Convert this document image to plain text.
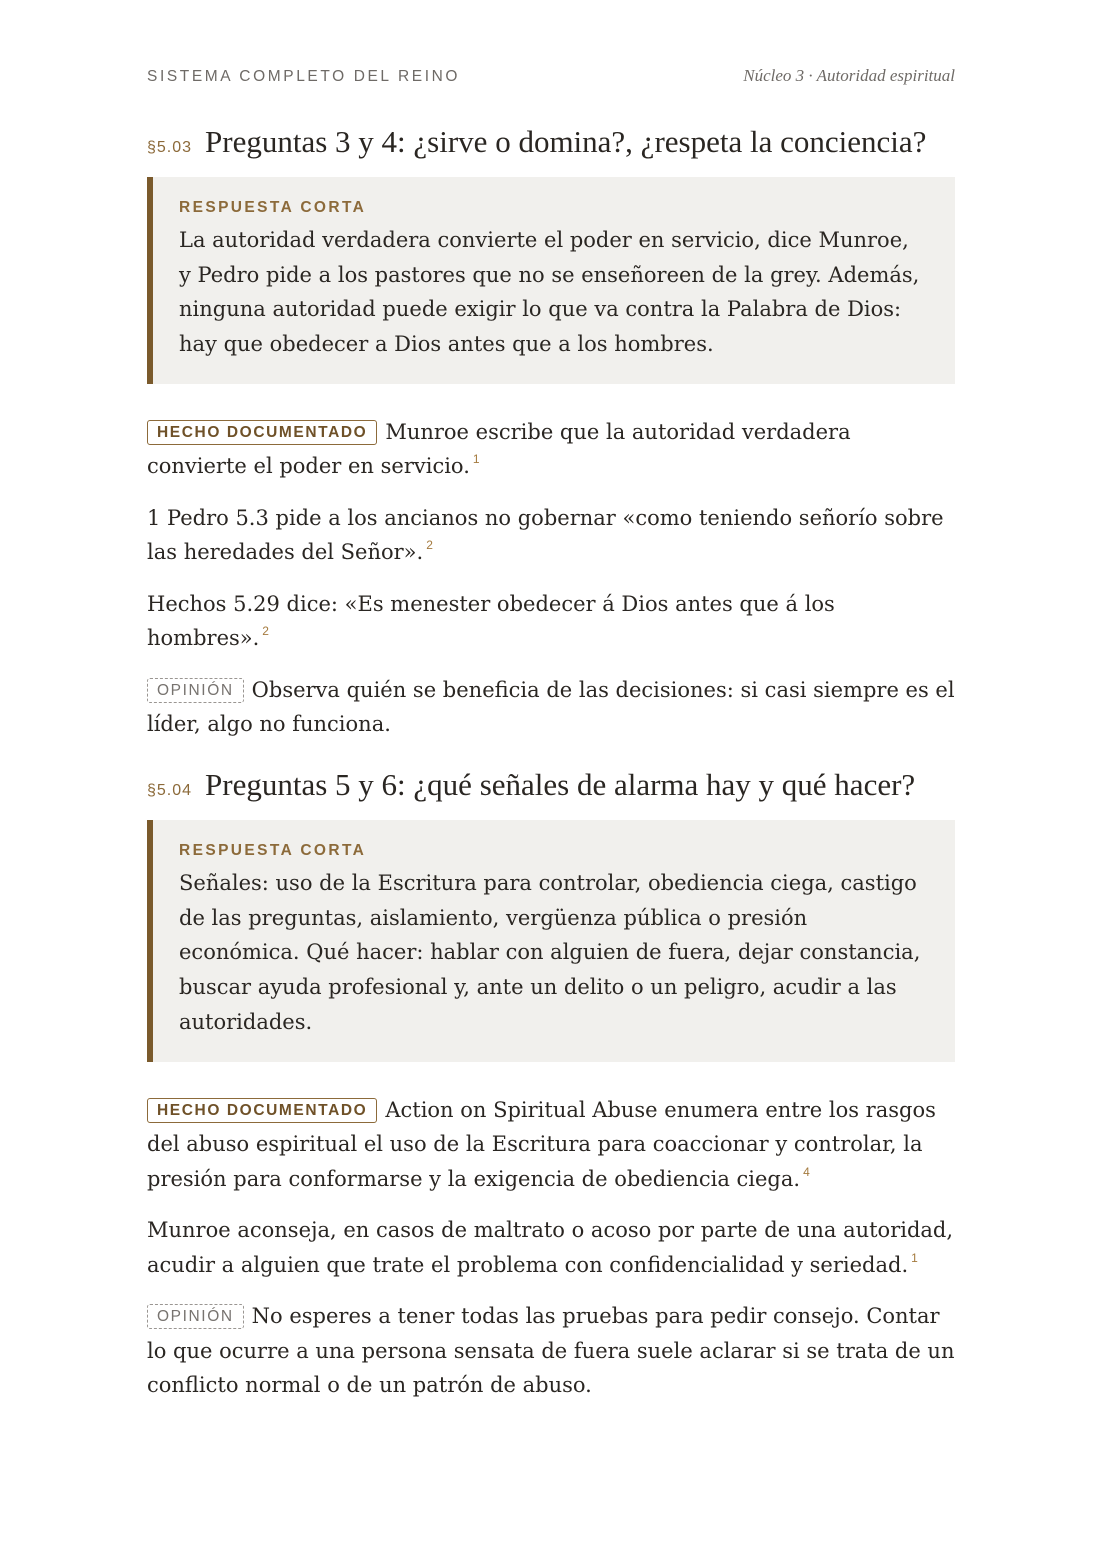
SISTEMA COMPLETO DEL REINO	Núcleo 3 · Autoridad espiritual
§5.03 Preguntas 3 y 4: ¿sirve o domina?, ¿respeta la conciencia?
RESPUESTA CORTA

La autoridad verdadera convierte el poder en servicio, dice Munroe, y Pedro pide a los pastores que no se enseñoreen de la grey. Además, ninguna autoridad puede exigir lo que va contra la Palabra de Dios: hay que obedecer a Dios antes que a los hombres.

HECHO DOCUMENTADO Munroe escribe que la autoridad verdadera convierte el poder en servicio. $^1$

1 Pedro 5.3 pide a los ancianos no gobernar «como teniendo señorío sobre las heredades del Señor». $^2$

Hechos 5.29 dice: «Es menester obedecer á Dios antes que á los hombres». $^2$

OPINIÓN Observa quién se beneficia de las decisiones: si casi siempre es el líder, algo no funciona.

§5.04 Preguntas 5 y 6: ¿qué señales de alarma hay y qué hacer?
RESPUESTA CORTA

Señales: uso de la Escritura para controlar, obediencia ciega, castigo de las preguntas, aislamiento, vergüenza pública o presión económica. Qué hacer: hablar con alguien de fuera, dejar constancia, buscar ayuda profesional y, ante un delito o un peligro, acudir a las autoridades.

HECHO DOCUMENTADO Action on Spiritual Abuse enumera entre los rasgos del abuso espiritual el uso de la Escritura para coaccionar y controlar, la presión para conformarse y la exigencia de obediencia ciega. $^4$

Munroe aconseja, en casos de maltrato o acoso por parte de una autoridad, acudir a alguien que trate el problema con confidencialidad y seriedad. $^1$

OPINIÓN No esperes a tener todas las pruebas para pedir consejo. Contar lo que ocurre a una persona sensata de fuera suele aclarar si se trata de un conflicto normal o de un patrón de abuso.
